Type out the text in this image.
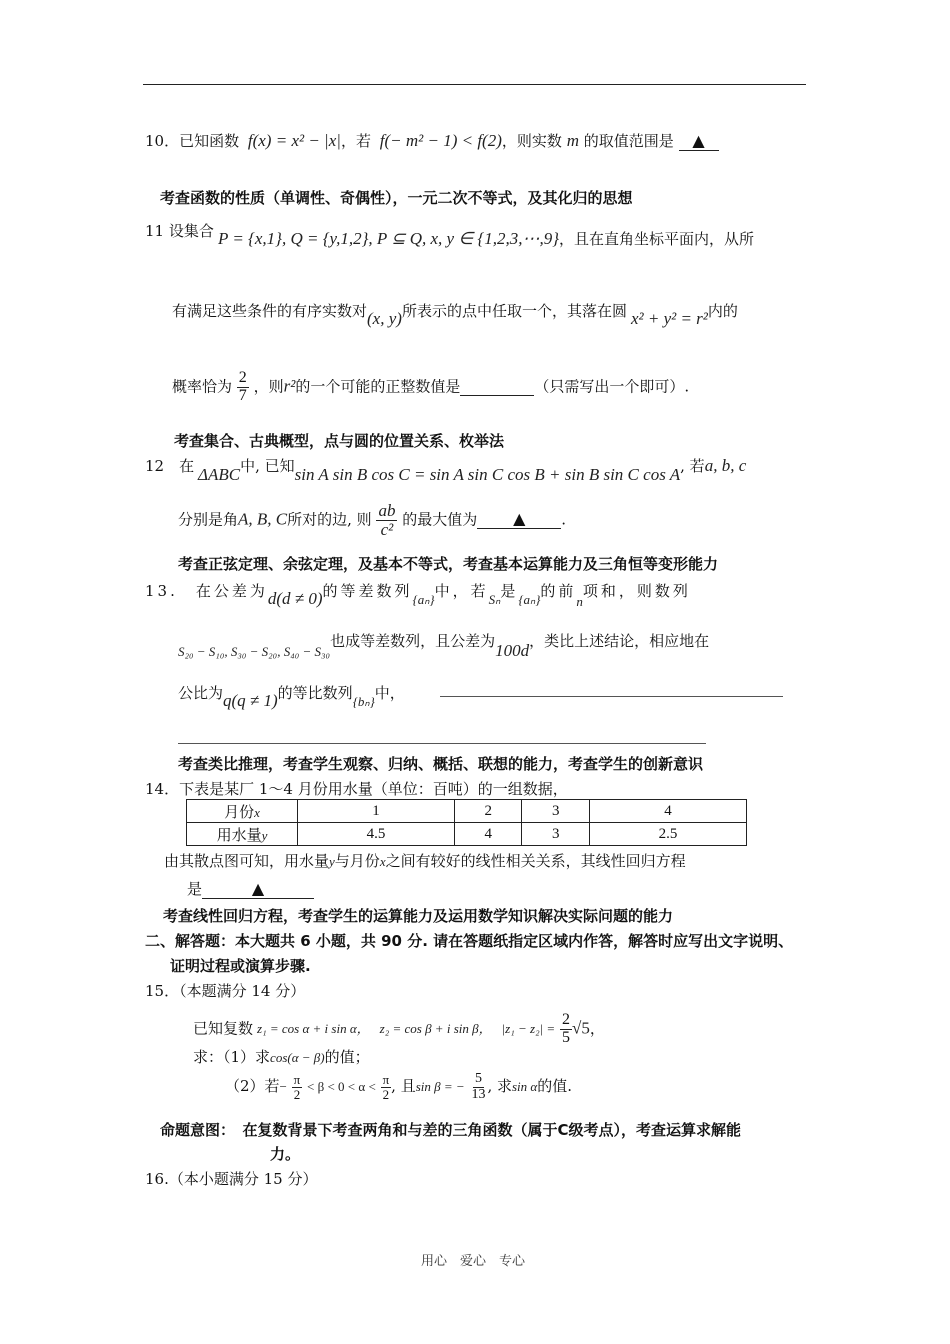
10．已知函数 f(x) = x² − |x|，若 f(− m² − 1) < f(2)，则实数 m 的取值范围是 ▲
考查函数的性质（单调性、奇偶性），一元二次不等式，及其化归的思想
11 设集合 P = {x,1}, Q = {y,1,2}, P ⊆ Q, x, y ∈ {1,2,3,⋯,9}，且在直角坐标平面内，从所
有满足这些条件的有序实数对(x, y)所表示的点中任取一个，其落在圆 x² + y² = r²内的
概率恰为 $\frac{2}{7}$ ，则r²的一个可能的正整数值是	（只需写出一个即可）.
考查集合、古典概型，点与圆的位置关系、枚举法
12　在 ΔABC中, 已知sin A sin B cos C = sin A sin C cos B + sin B sin C cos A, 若a, b, c
分别是角A, B, C所对的边, 则 $\frac{ab}{\text{c²}}$ 的最大值为 ▲ .
考查正弦定理、余弦定理，及基本不等式，考查基本运算能力及三角恒等变形能力
13.　在公差为d(d ≠ 0)的等差数列{aₙ}中，若Sₙ是{aₙ}的前n项和，则数列
S₂₀ − S₁₀, S₃₀ − S₂₀, S₄₀ − S₃₀也成等差数列，且公差为100d，类比上述结论，相应地在
公比为q(q ≠ 1)的等比数列{bₙ}中，
考查类比推理，考查学生观察、归纳、概括、联想的能力，考查学生的创新意识
14．下表是某厂 1～4 月份用水量（单位：百吨）的一组数据，
月份x	1	2	3	4
用水量y	4.5	4	3	2.5
由其散点图可知，用水量y与月份x之间有较好的线性相关关系，其线性回归方程
是	▲
考查线性回归方程，考查学生的运算能力及运用数学知识解决实际问题的能力
二、解答题：本大题共 6 小题，共 90 分. 请在答题纸指定区域内作答，解答时应写出文字说明、
证明过程或演算步骤.
15．（本题满分 14 分）
已知复数 z₁ = cos α + i sin α， z₂ = cos β + i sin β， $|z_1 - z_2| = \frac{2}{5} √5$，
求：（1）求cos(α − β)的值；
（2）若− $\frac{\pi}{2} < \beta < 0 < \alpha < \frac{\pi}{2}$ , 且sin β = − $\frac{5}{13}$ , 求sin α的值.
命题意图：　在复数背景下考查两角和与差的三角函数（属于C级考点），考查运算求解能
力。
16.（本小题满分 15 分）
用心　爱心　专心
